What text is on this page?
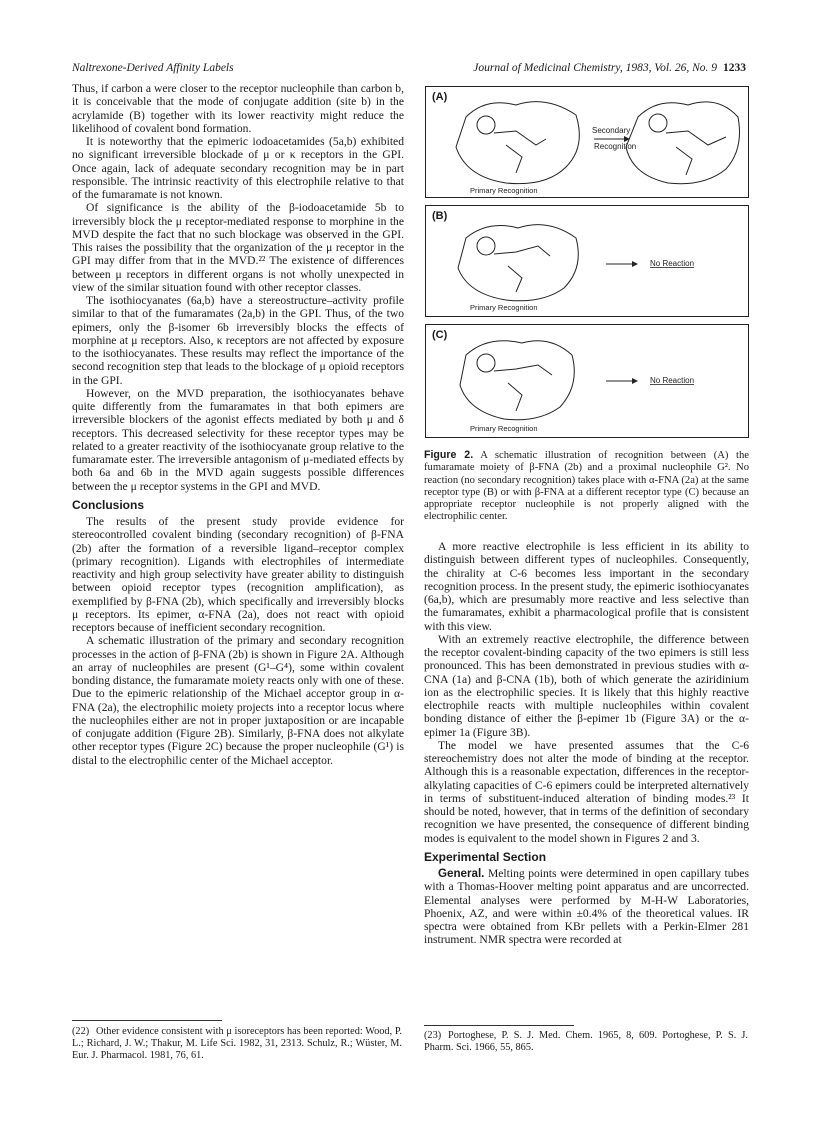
Naltrexone-Derived Affinity Labels	Journal of Medicinal Chemistry, 1983, Vol. 26, No. 9 1233

Thus, if carbon a were closer to the receptor nucleophile than carbon b, it is conceivable that the mode of conjugate addition (site b) in the acrylamide (B) together with its lower reactivity might reduce the likelihood of covalent bond formation.

It is noteworthy that the epimeric iodoacetamides (5a,b) exhibited no significant irreversible blockade of μ or κ receptors in the GPI. Once again, lack of adequate secondary recognition may be in part responsible. The intrinsic reactivity of this electrophile relative to that of the fumaramate is not known.

Of significance is the ability of the β-iodoacetamide 5b to irreversibly block the μ receptor-mediated response to morphine in the MVD despite the fact that no such blockage was observed in the GPI. This raises the possibility that the organization of the μ receptor in the GPI may differ from that in the MVD.²² The existence of differences between μ receptors in different organs is not wholly unexpected in view of the similar situation found with other receptor classes.

The isothiocyanates (6a,b) have a stereostructure–activity profile similar to that of the fumaramates (2a,b) in the GPI. Thus, of the two epimers, only the β-isomer 6b irreversibly blocks the effects of morphine at μ receptors. Also, κ receptors are not affected by exposure to the isothiocyanates. These results may reflect the importance of the second recognition step that leads to the blockage of μ opioid receptors in the GPI.

However, on the MVD preparation, the isothiocyanates behave quite differently from the fumaramates in that both epimers are irreversible blockers of the agonist effects mediated by both μ and δ receptors. This decreased selectivity for these receptor types may be related to a greater reactivity of the isothiocyanate group relative to the fumaramate ester. The irreversible antagonism of μ-mediated effects by both 6a and 6b in the MVD again suggests possible differences between the μ receptor systems in the GPI and MVD.

Conclusions

The results of the present study provide evidence for stereocontrolled covalent binding (secondary recognition) of β-FNA (2b) after the formation of a reversible ligand–receptor complex (primary recognition). Ligands with electrophiles of intermediate reactivity and high group selectivity have greater ability to distinguish between opioid receptor types (recognition amplification), as exemplified by β-FNA (2b), which specifically and irreversibly blocks μ receptors. Its epimer, α-FNA (2a), does not react with opioid receptors because of inefficient secondary recognition.

A schematic illustration of the primary and secondary recognition processes in the action of β-FNA (2b) is shown in Figure 2A. Although an array of nucleophiles are present (G¹–G⁴), some within covalent bonding distance, the fumaramate moiety reacts only with one of these. Due to the epimeric relationship of the Michael acceptor group in α-FNA (2a), the electrophilic moiety projects into a receptor locus where the nucleophiles either are not in proper juxtaposition or are incapable of conjugate addition (Figure 2B). Similarly, β-FNA does not alkylate other receptor types (Figure 2C) because the proper nucleophile (G¹) is distal to the electrophilic center of the Michael acceptor.

(22) Other evidence consistent with μ isoreceptors has been reported: Wood, P. L.; Richard, J. W.; Thakur, M. Life Sci. 1982, 31, 2313. Schulz, R.; Wüster, M. Eur. J. Pharmacol. 1981, 76, 61.
(A)
Secondary
Recognition
Primary Recognition
(B)
No Reaction
Primary Recognition
(C)
No Reaction
Primary Recognition
Figure 2. A schematic illustration of recognition between (A) the fumaramate moiety of β-FNA (2b) and a proximal nucleophile G². No reaction (no secondary recognition) takes place with α-FNA (2a) at the same receptor type (B) or with β-FNA at a different receptor type (C) because an appropriate receptor nucleophile is not properly aligned with the electrophilic center.

A more reactive electrophile is less efficient in its ability to distinguish between different types of nucleophiles. Consequently, the chirality at C-6 becomes less important in the secondary recognition process. In the present study, the epimeric isothiocyanates (6a,b), which are presumably more reactive and less selective than the fumaramates, exhibit a pharmacological profile that is consistent with this view.

With an extremely reactive electrophile, the difference between the receptor covalent-binding capacity of the two epimers is still less pronounced. This has been demonstrated in previous studies with α-CNA (1a) and β-CNA (1b), both of which generate the aziridinium ion as the electrophilic species. It is likely that this highly reactive electrophile reacts with multiple nucleophiles within covalent bonding distance of either the β-epimer 1b (Figure 3A) or the α-epimer 1a (Figure 3B).

The model we have presented assumes that the C-6 stereochemistry does not alter the mode of binding at the receptor. Although this is a reasonable expectation, differences in the receptor-alkylating capacities of C-6 epimers could be interpreted alternatively in terms of substituent-induced alteration of binding modes.²³ It should be noted, however, that in terms of the definition of secondary recognition we have presented, the consequence of different binding modes is equivalent to the model shown in Figures 2 and 3.

Experimental Section

General. Melting points were determined in open capillary tubes with a Thomas-Hoover melting point apparatus and are uncorrected. Elemental analyses were performed by M-H-W Laboratories, Phoenix, AZ, and were within ±0.4% of the theoretical values. IR spectra were obtained from KBr pellets with a Perkin-Elmer 281 instrument. NMR spectra were recorded at

(23) Portoghese, P. S. J. Med. Chem. 1965, 8, 609. Portoghese, P. S. J. Pharm. Sci. 1966, 55, 865.
